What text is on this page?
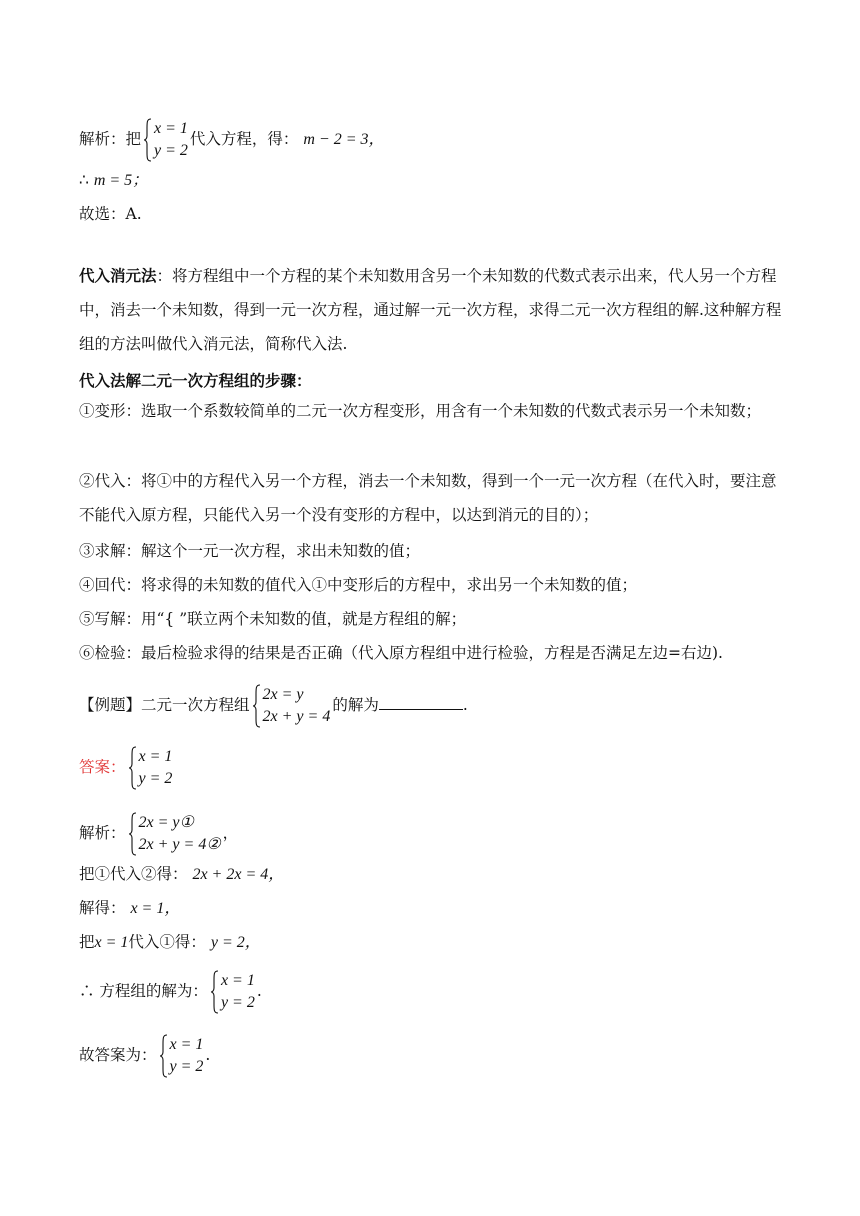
解析：把
x = 1
y = 2
代入方程，得： m − 2 = 3，
∴ m = 5；
故选：A.
代入消元法：将方程组中一个方程的某个未知数用含另一个未知数的代数式表示出来，代人另一个方程中，消去一个未知数，得到一元一次方程，通过解一元一次方程，求得二元一次方程组的解.这种解方程组的方法叫做代入消元法，简称代入法.
代入法解二元一次方程组的步骤：
①变形：选取一个系数较简单的二元一次方程变形，用含有一个未知数的代数式表示另一个未知数；
②代入：将①中的方程代入另一个方程，消去一个未知数，得到一个一元一次方程（在代入时，要注意不能代入原方程，只能代入另一个没有变形的方程中，以达到消元的目的）；
③求解：解这个一元一次方程，求出未知数的值；
④回代：将求得的未知数的值代入①中变形后的方程中，求出另一个未知数的值；
⑤写解：用“{ ”联立两个未知数的值，就是方程组的解；
⑥检验：最后检验求得的结果是否正确（代入原方程组中进行检验，方程是否满足左边=右边).
【例题】二元一次方程组
2x = y
2x + y = 4
的解为	.
答案：
x = 1
y = 2
解析：
2x = y①
2x + y = 4②
，
把①代入②得： 2x + 2x = 4，
解得： x = 1，
把x = 1代入①得： y = 2，
∴ 方程组的解为：
x = 1
y = 2
.
故答案为：
x = 1
y = 2
.
